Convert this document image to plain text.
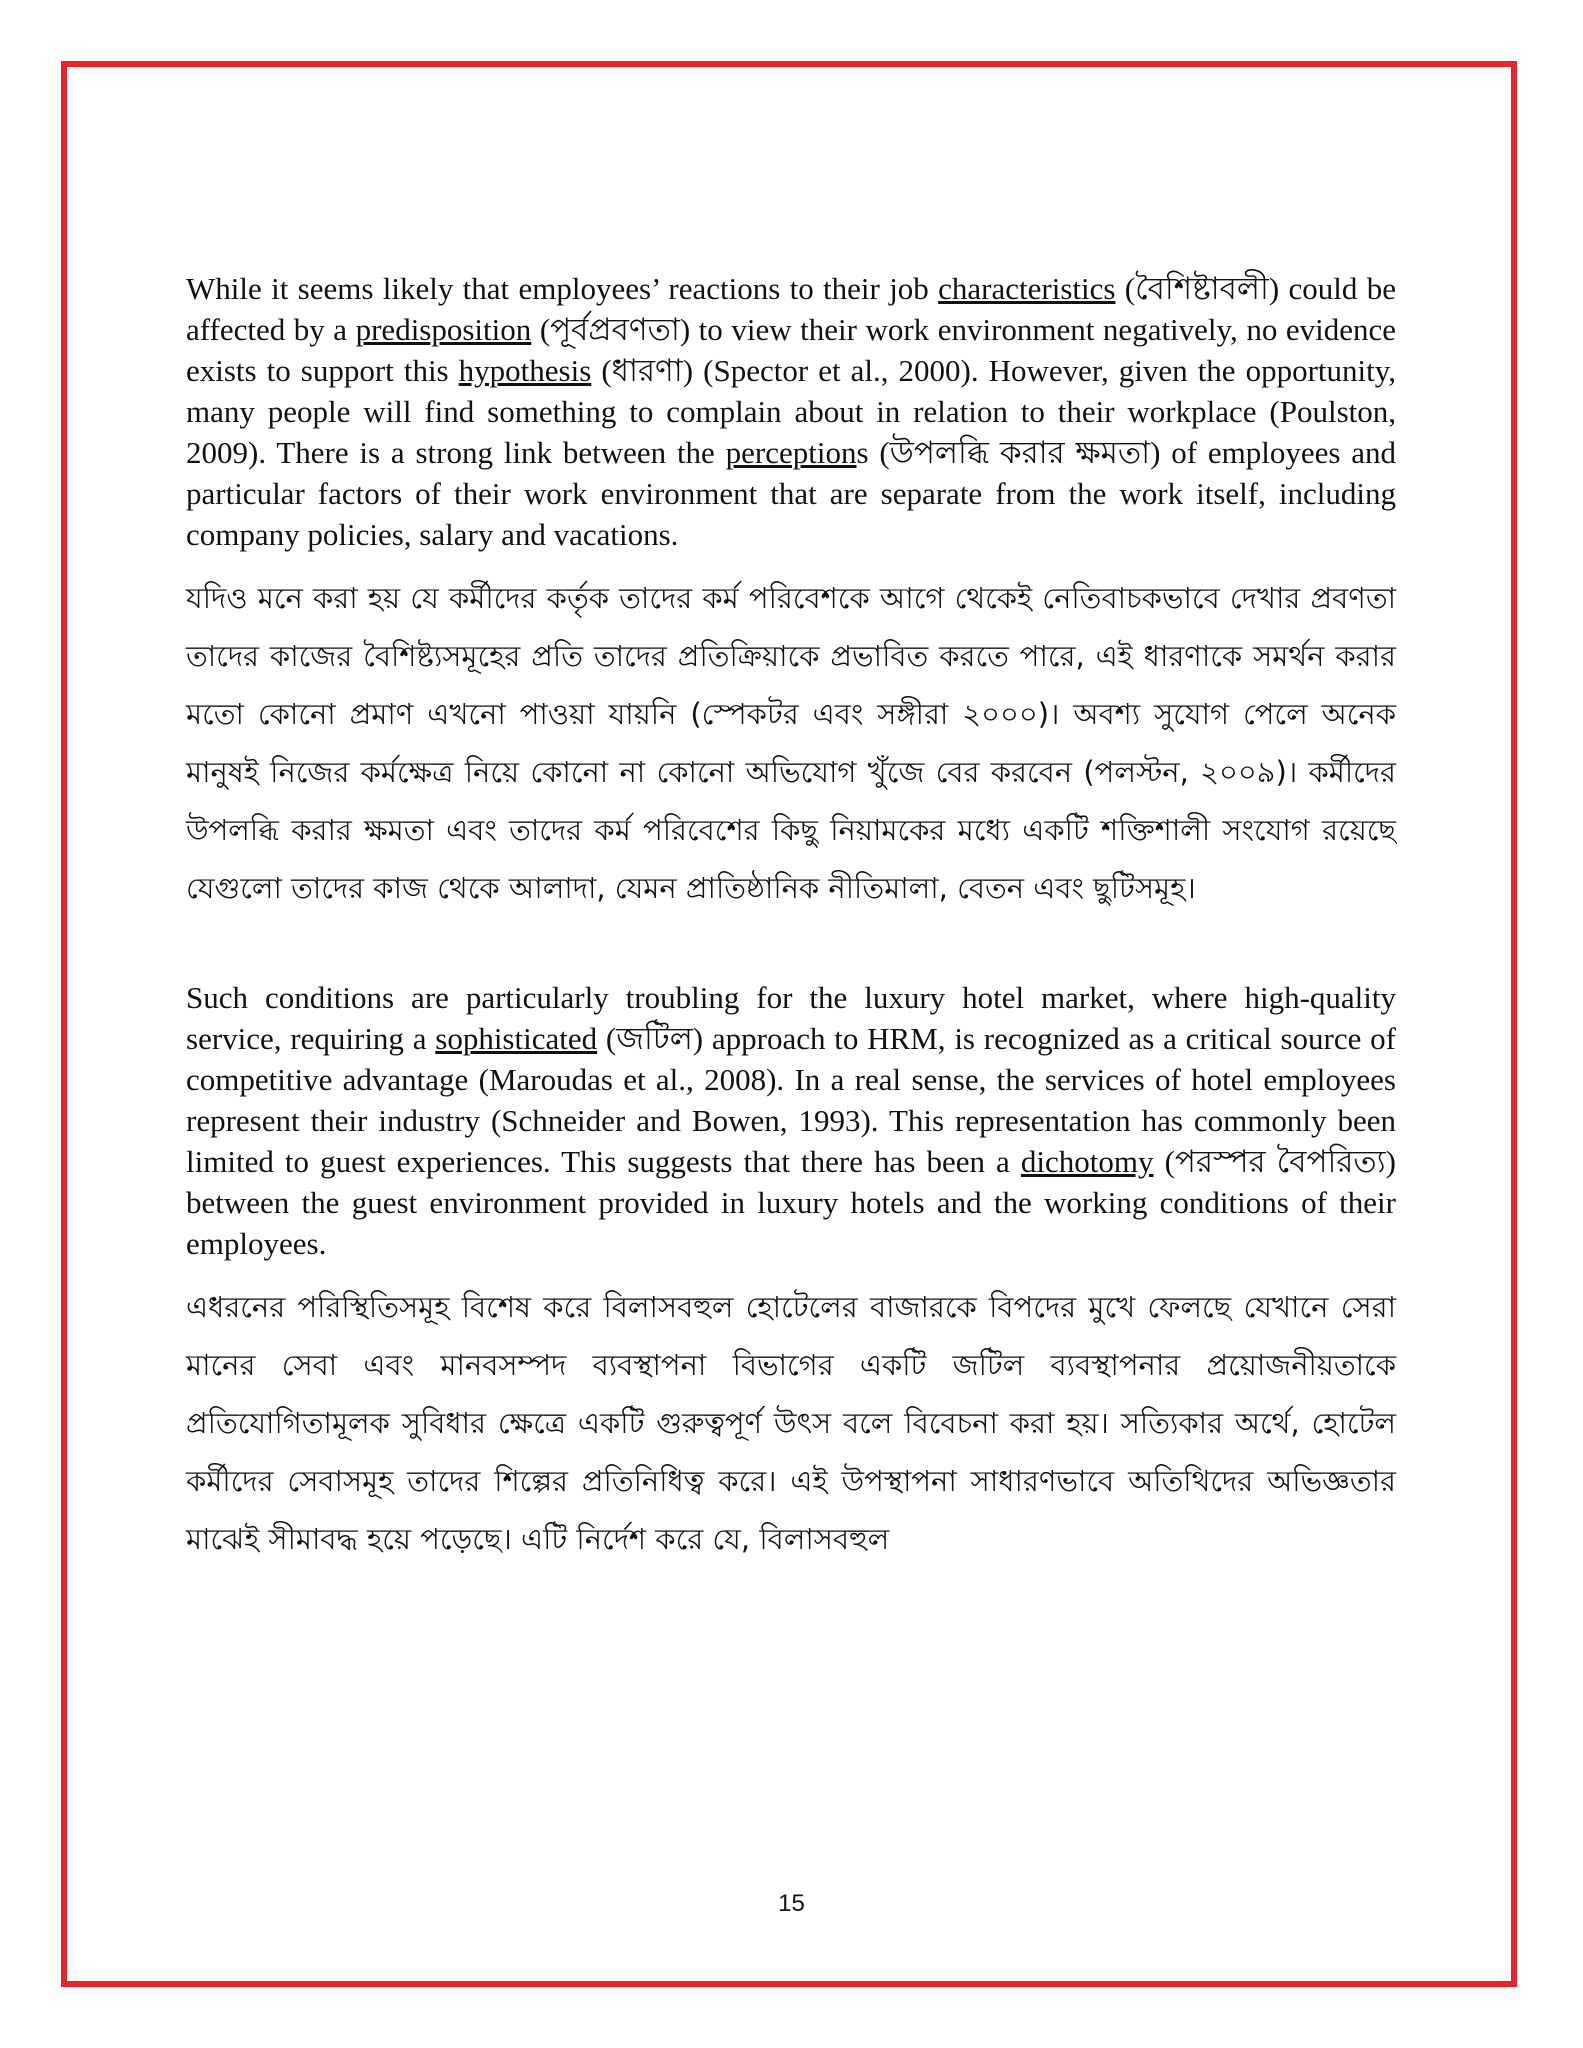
While it seems likely that employees’ reactions to their job characteristics (বৈশিষ্টাবলী) could be affected by a predisposition (পূর্বপ্রবণতা) to view their work environment negatively, no evidence exists to support this hypothesis (ধারণা) (Spector et al., 2000). However, given the opportunity, many people will find something to complain about in relation to their workplace (Poulston, 2009). There is a strong link between the perceptions (উপলব্ধি করার ক্ষমতা) of employees and particular factors of their work environment that are separate from the work itself, including company policies, salary and vacations.

যদিও মনে করা হয় যে কর্মীদের কর্তৃক তাদের কর্ম পরিবেশকে আগে থেকেই নেতিবাচকভাবে দেখার প্রবণতা তাদের কাজের বৈশিষ্ট্যসমূহের প্রতি তাদের প্রতিক্রিয়াকে প্রভাবিত করতে পারে, এই ধারণাকে সমর্থন করার মতো কোনো প্রমাণ এখনো পাওয়া যায়নি (স্পেকটর এবং সঙ্গীরা ২০০০)। অবশ্য সুযোগ পেলে অনেক মানুষই নিজের কর্মক্ষেত্র নিয়ে কোনো না কোনো অভিযোগ খুঁজে বের করবেন (পলস্টন, ২০০৯)। কর্মীদের উপলব্ধি করার ক্ষমতা এবং তাদের কর্ম পরিবেশের কিছু নিয়ামকের মধ্যে একটি শক্তিশালী সংযোগ রয়েছে যেগুলো তাদের কাজ থেকে আলাদা, যেমন প্রাতিষ্ঠানিক নীতিমালা, বেতন এবং ছুটিসমূহ।

Such conditions are particularly troubling for the luxury hotel market, where high-quality service, requiring a sophisticated (জটিল) approach to HRM, is recognized as a critical source of competitive advantage (Maroudas et al., 2008). In a real sense, the services of hotel employees represent their industry (Schneider and Bowen, 1993). This representation has commonly been limited to guest experiences. This suggests that there has been a dichotomy (পরস্পর বৈপরিত্য) between the guest environment provided in luxury hotels and the working conditions of their employees.

এধরনের পরিস্থিতিসমূহ বিশেষ করে বিলাসবহুল হোটেলের বাজারকে বিপদের মুখে ফেলছে যেখানে সেরা মানের সেবা এবং মানবসম্পদ ব্যবস্থাপনা বিভাগের একটি জটিল ব্যবস্থাপনার প্রয়োজনীয়তাকে প্রতিযোগিতামূলক সুবিধার ক্ষেত্রে একটি গুরুত্বপূর্ণ উৎস বলে বিবেচনা করা হয়। সত্যিকার অর্থে, হোটেল কর্মীদের সেবাসমূহ তাদের শিল্পের প্রতিনিধিত্ব করে। এই উপস্থাপনা সাধারণভাবে অতিথিদের অভিজ্ঞতার মাঝেই সীমাবদ্ধ হয়ে পড়েছে। এটি নির্দেশ করে যে, বিলাসবহুল

15
